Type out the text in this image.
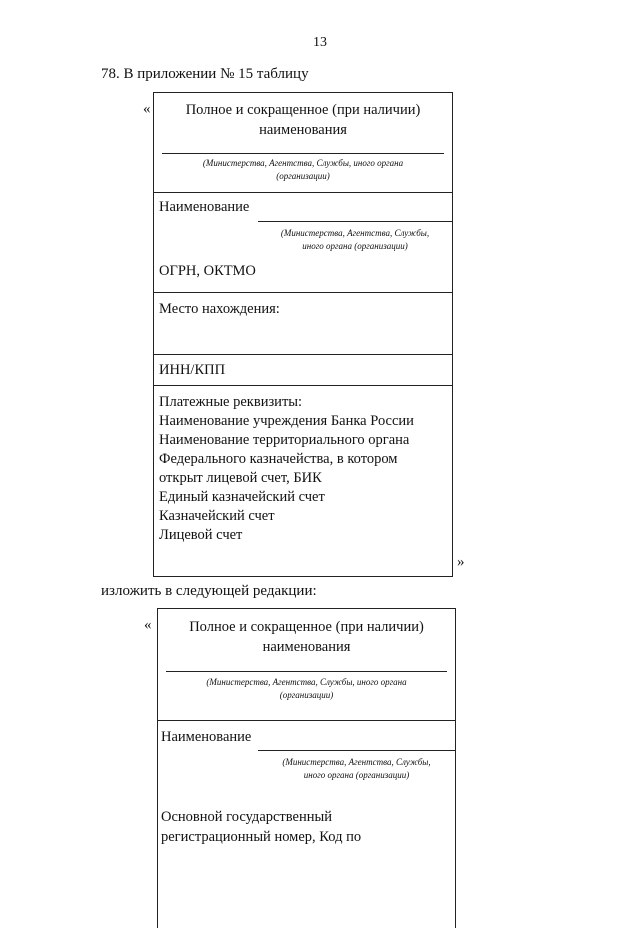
13
78. В приложении № 15 таблицу
«	Полное и сокращенное (при наличии)
наименования
(Министерства, Агентства, Службы, иного органа
(организации)
Наименование
(Министерства, Агентства, Службы,
иного органа (организации)
ОГРН, ОКТМО
Место нахождения:
ИНН/КПП
Платежные реквизиты:
Наименование учреждения Банка России
Наименование территориального органа
Федерального казначейства, в котором
открыт лицевой счет, БИК
Единый казначейский счет
Казначейский счет
Лицевой счет
»
изложить в следующей редакции:
«	Полное и сокращенное (при наличии)
наименования
(Министерства, Агентства, Службы, иного органа
(организации)
Наименование
(Министерства, Агентства, Службы,
иного органа (организации)
Основной государственный
регистрационный номер, Код по
